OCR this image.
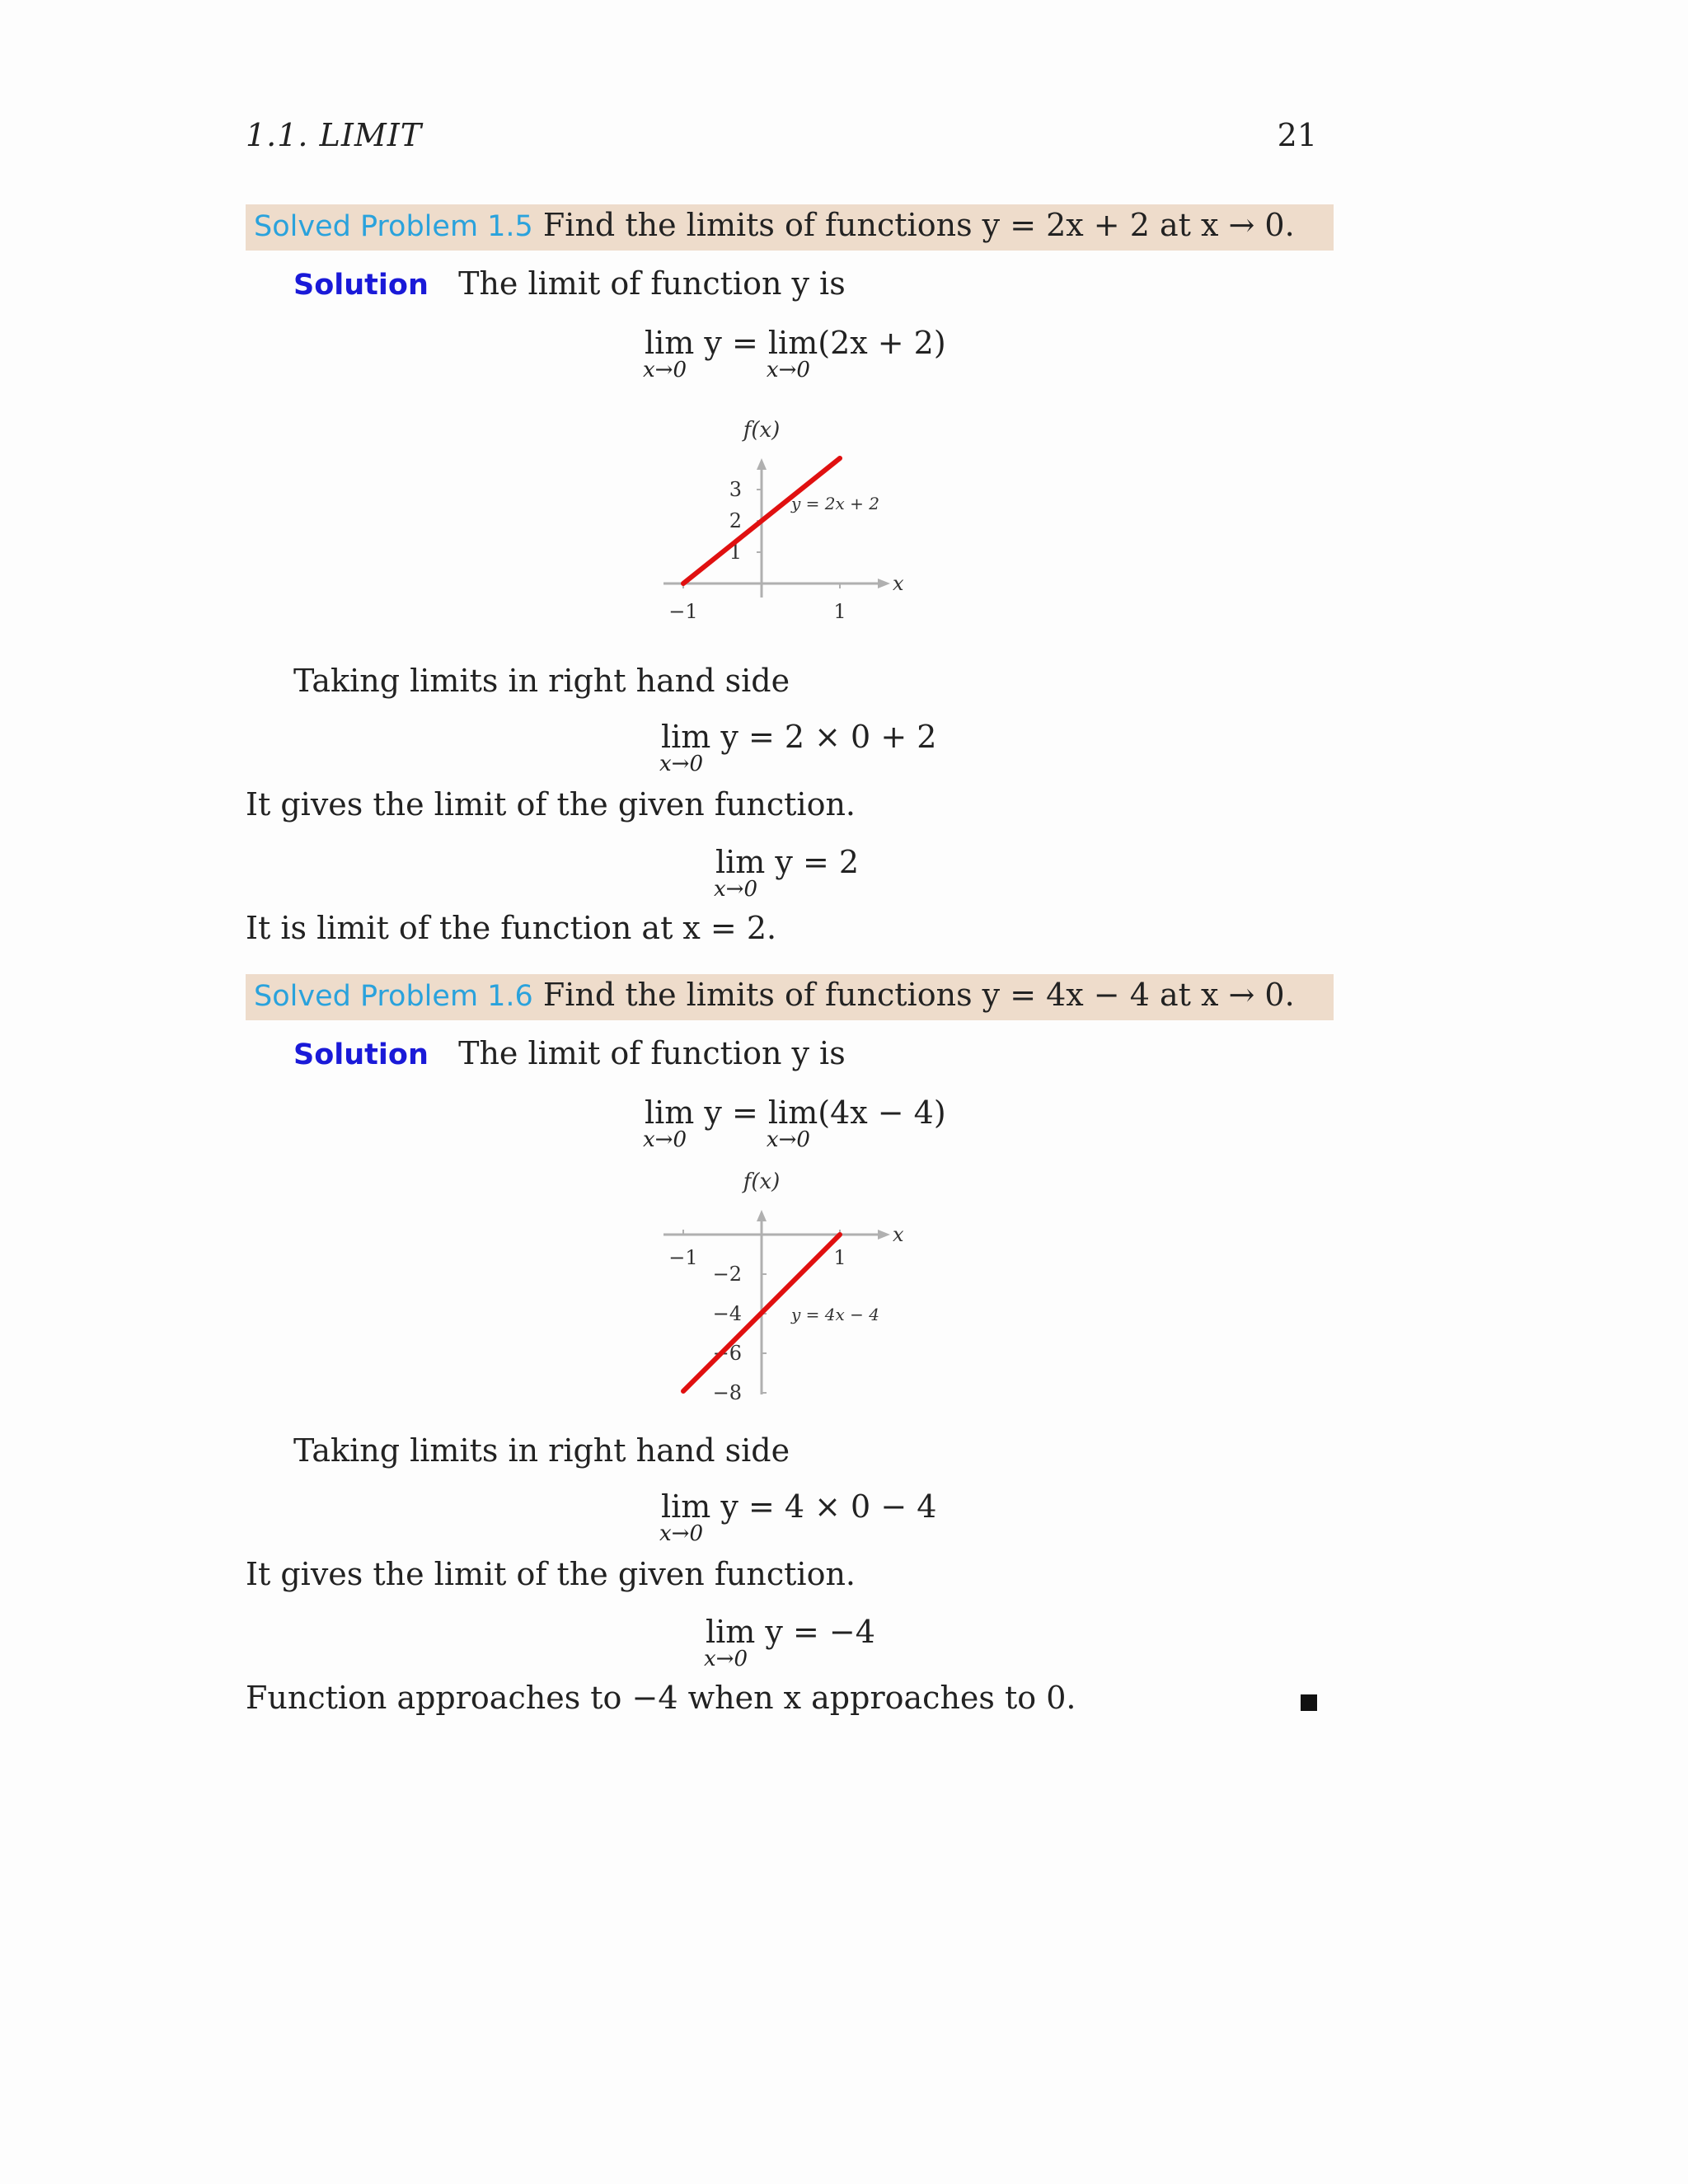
1.1. LIMIT	21
Solved Problem 1.5 Find the limits of functions y = 2x + 2 at x → 0.
Solution The limit of function y is
lim y =
x→0
lim(2x + 2)
x→0
f(x)
x
3
2
1
−1	1
y = 2x + 2
Taking limits in right hand side
lim y = 2 × 0 + 2
x→0
It gives the limit of the given function.
lim y = 2
x→0
It is limit of the function at x = 2.
Solved Problem 1.6 Find the limits of functions y = 4x − 4 at x → 0.
Solution The limit of function y is
lim y =
x→0
lim(4x − 4)
x→0
f(x)
x
−2
−4
−6
−8
−1	1
y = 4x − 4
Taking limits in right hand side
lim y = 4 × 0 − 4
x→0
It gives the limit of the given function.
lim y = −4
x→0
Function approaches to −4 when x approaches to 0.
